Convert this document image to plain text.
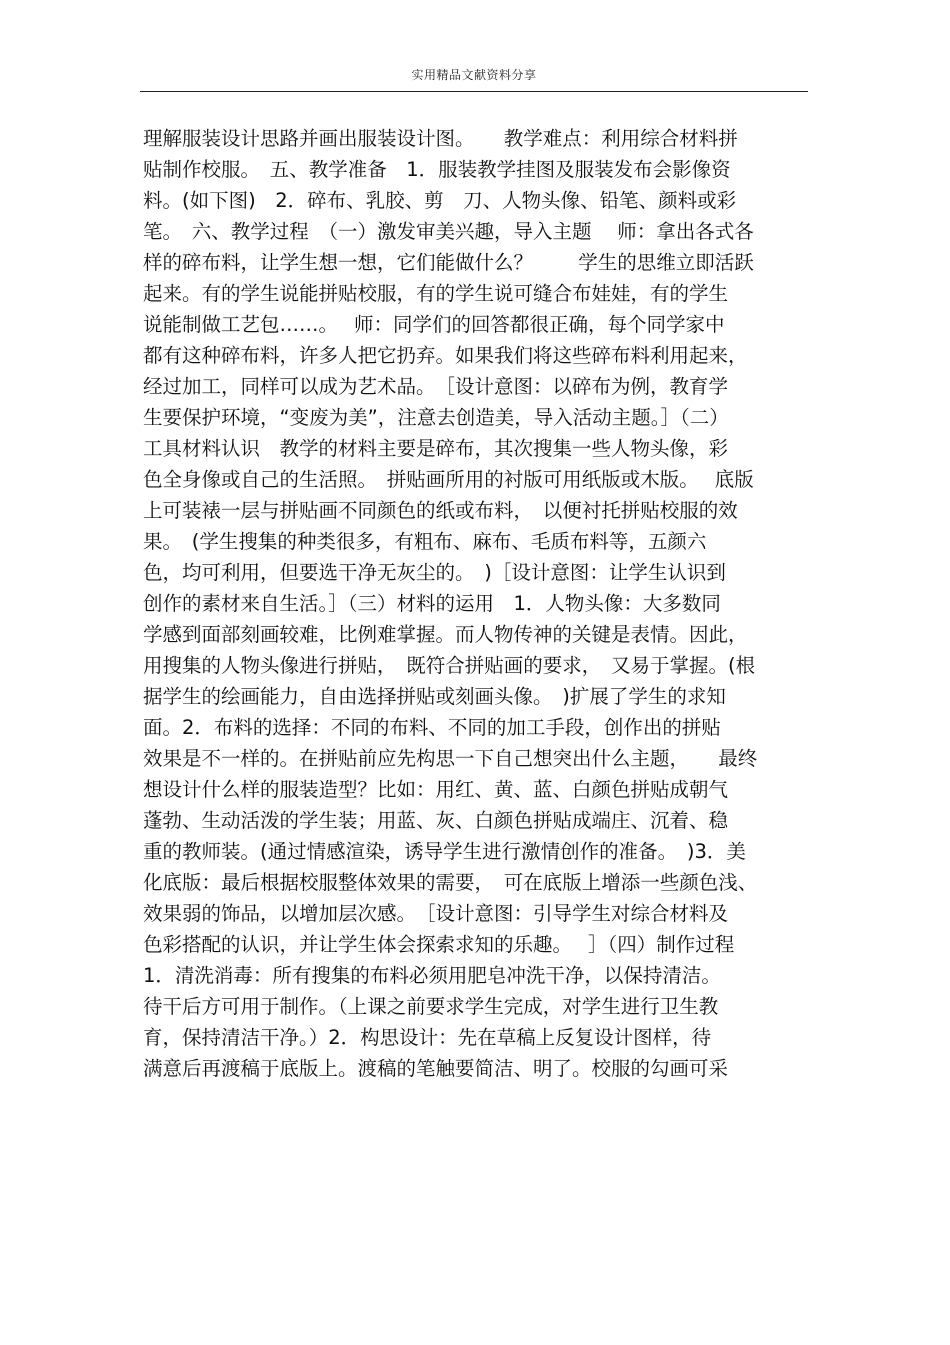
实用精品文献资料分享
理解服装设计思路并画出服装设计图。　　教学难点：利用综合材料拼
贴制作校服。　五、教学准备　1．服装教学挂图及服装发布会影像资
料。(如下图)　2．碎布、乳胶、剪　刀、人物头像、铅笔、颜料或彩
笔。　六、教学过程　（一）激发审美兴趣，导入主题　 师：拿出各式各
样的碎布料，让学生想一想，它们能做什么？　　 学生的思维立即活跃
起来。有的学生说能拼贴校服，有的学生说可缝合布娃娃，有的学生
说能制做工艺包……。　 师：同学们的回答都很正确，每个同学家中
都有这种碎布料，许多人把它扔弃。如果我们将这些碎布料利用起来，
经过加工，同样可以成为艺术品。　［设计意图：以碎布为例，教育学
生要保护环境，“变废为美”，注意去创造美，导入活动主题。］（二）
工具材料认识　教学的材料主要是碎布，其次搜集一些人物头像，彩
色全身像或自己的生活照。　拼贴画所用的衬版可用纸版或木版。　 底版
上可装裱一层与拼贴画不同颜色的纸或布料，　以便衬托拼贴校服的效
果。　(学生搜集的种类很多，有粗布、麻布、毛质布料等，五颜六
色，均可利用，但要选干净无灰尘的。　)［设计意图：让学生认识到
创作的素材来自生活。］（三）材料的运用　1．人物头像：大多数同
学感到面部刻画较难，比例难掌握。而人物传神的关键是表情。因此，
用搜集的人物头像进行拼贴，　既符合拼贴画的要求，　又易于掌握。(根
据学生的绘画能力，自由选择拼贴或刻画头像。　)扩展了学生的求知
面。2．布料的选择：不同的布料、不同的加工手段，创作出的拼贴
效果是不一样的。在拼贴前应先构思一下自己想突出什么主题，　　最终
想设计什么样的服装造型？比如：用红、黄、蓝、白颜色拼贴成朝气
蓬勃、生动活泼的学生装；用蓝、灰、白颜色拼贴成端庄、沉着、稳
重的教师装。(通过情感渲染，诱导学生进行激情创作的准备。　)3．美
化底版：最后根据校服整体效果的需要，　可在底版上增添一些颜色浅、
效果弱的饰品，以增加层次感。　［设计意图：引导学生对综合材料及
色彩搭配的认识，并让学生体会探索求知的乐趣。　 ］（四）制作过程
1．清洗消毒：所有搜集的布料必须用肥皂冲洗干净，以保持清洁。
待干后方可用于制作。（上课之前要求学生完成，对学生进行卫生教
育，保持清洁干净。）2．构思设计：先在草稿上反复设计图样，待
满意后再渡稿于底版上。渡稿的笔触要简洁、明了。校服的勾画可采
